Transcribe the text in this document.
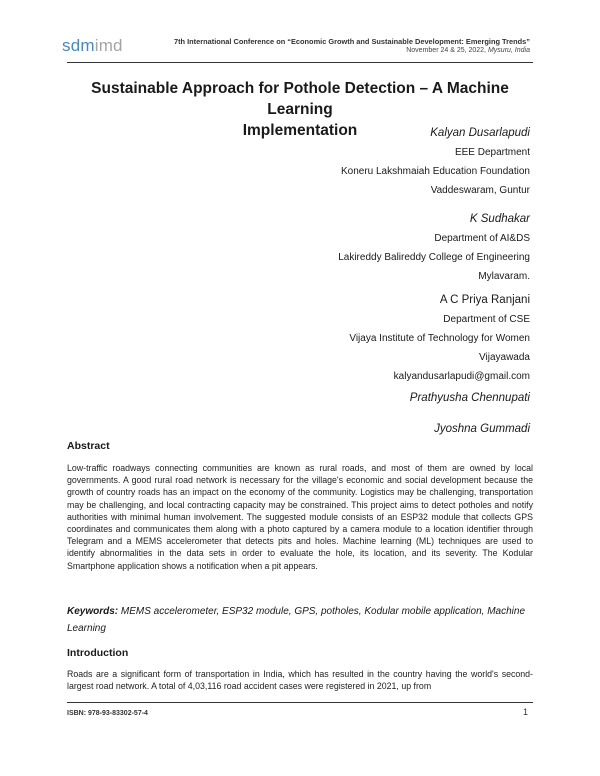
sdmimd	7th International Conference on “Economic Growth and Sustainable Development: Emerging Trends”
November 24 & 25, 2022, Mysuru, India
Sustainable Approach for Pothole Detection – A Machine Learning
Implementation	Kalyan Dusarlapudi
EEE Department
Koneru Lakshmaiah Education Foundation
Vaddeswaram, Guntur
K Sudhakar
Department of AI&DS
Lakireddy Balireddy College of Engineering
Mylavaram.
A C Priya Ranjani
Department of CSE
Vijaya Institute of Technology for Women
Vijayawada
kalyandusarlapudi@gmail.com
Prathyusha Chennupati
Jyoshna Gummadi
Abstract

Low-traffic roadways connecting communities are known as rural roads, and most of them are owned by local governments. A good rural road network is necessary for the village's economic and social development because the growth of country roads has an impact on the economy of the community. Logistics may be challenging, transportation may be challenging, and local contracting capacity may be constrained. This project aims to detect potholes and notify authorities with minimal human involvement. The suggested module consists of an ESP32 module that collects GPS coordinates and communicates them along with a photo captured by a camera module to a location identifier through Telegram and a MEMS accelerometer that detects pits and holes. Machine learning (ML) techniques are used to identify abnormalities in the data sets in order to evaluate the hole, its location, and its severity. The Kodular Smartphone application shows a notification when a pit appears.

Keywords: MEMS accelerometer, ESP32 module, GPS, potholes, Kodular mobile application, Machine Learning
Introduction

Roads are a significant form of transportation in India, which has resulted in the country having the world's second-largest road network. A total of 4,03,116 road accident cases were registered in 2021, up from

ISBN: 978-93-83302-57-4	1
